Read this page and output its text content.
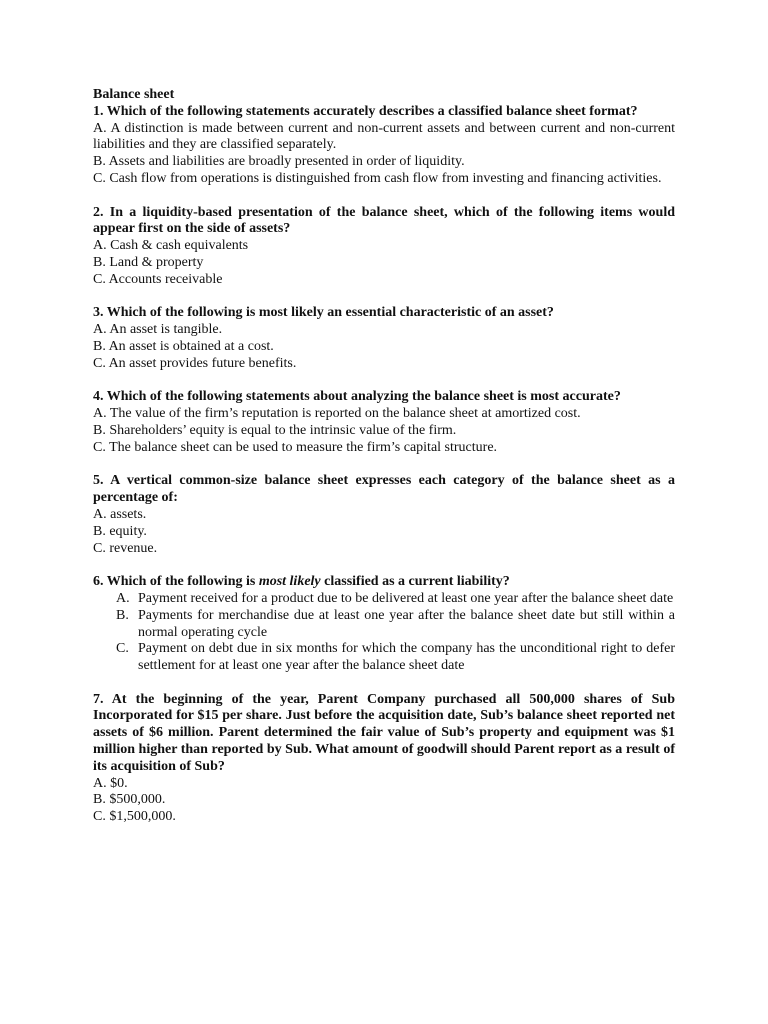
Balance sheet
1. Which of the following statements accurately describes a classified balance sheet format?
A. A distinction is made between current and non-current assets and between current and non-current liabilities and they are classified separately.
B. Assets and liabilities are broadly presented in order of liquidity.
C. Cash flow from operations is distinguished from cash flow from investing and financing activities.
2. In a liquidity-based presentation of the balance sheet, which of the following items would appear first on the side of assets?
A. Cash & cash equivalents
B. Land & property
C. Accounts receivable
3. Which of the following is most likely an essential characteristic of an asset?
A. An asset is tangible.
B. An asset is obtained at a cost.
C. An asset provides future benefits.
4. Which of the following statements about analyzing the balance sheet is most accurate?
A. The value of the firm’s reputation is reported on the balance sheet at amortized cost.
B. Shareholders’ equity is equal to the intrinsic value of the firm.
C. The balance sheet can be used to measure the firm’s capital structure.
5. A vertical common-size balance sheet expresses each category of the balance sheet as a percentage of:
A. assets.
B. equity.
C. revenue.
6. Which of the following is most likely classified as a current liability?
A. Payment received for a product due to be delivered at least one year after the balance sheet date
B. Payments for merchandise due at least one year after the balance sheet date but still within a normal operating cycle
C. Payment on debt due in six months for which the company has the unconditional right to defer settlement for at least one year after the balance sheet date
7. At the beginning of the year, Parent Company purchased all 500,000 shares of Sub Incorporated for $15 per share. Just before the acquisition date, Sub’s balance sheet reported net assets of $6 million. Parent determined the fair value of Sub’s property and equipment was $1 million higher than reported by Sub. What amount of goodwill should Parent report as a result of its acquisition of Sub?
A. $0.
B. $500,000.
C. $1,500,000.
